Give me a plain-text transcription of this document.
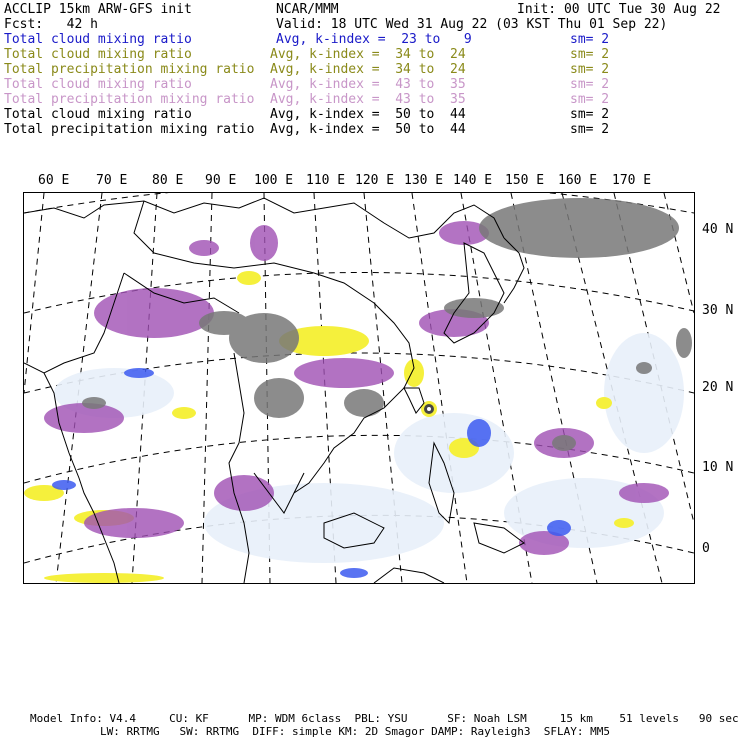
ACCLIP 15km ARW-GFS init	NCAR/MMM	Init: 00 UTC Tue 30 Aug 22
Fcst:   42 h	Valid: 18 UTC Wed 31 Aug 22 (03 KST Thu 01 Sep 22)
Total cloud mixing ratio	Avg, k-index =  23 to   9	sm= 2
Total cloud mixing ratio	Avg, k-index =  34 to  24	sm= 2
Total precipitation mixing ratio Avg, k-index =  34 to  24	sm= 2
Total cloud mixing ratio	Avg, k-index =  43 to  35	sm= 2
Total precipitation mixing ratio Avg, k-index =  43 to  35	sm= 2
Total cloud mixing ratio	Avg, k-index =  50 to  44	sm= 2
Total precipitation mixing ratio Avg, k-index =  50 to  44	sm= 2
60 E 70 E 80 E 90 E 100 E 110 E 120 E 130 E 140 E 150 E 160 E 170 E
40 N
30 N
20 N
10 N
0
Model Info: V4.4     CU: KF      MP: WDM 6class  PBL: YSU      SF: Noah LSM     15 km    51 levels   90 sec
LW: RRTMG   SW: RRTMG  DIFF: simple KM: 2D Smagor DAMP: Rayleigh3  SFLAY: MM5
